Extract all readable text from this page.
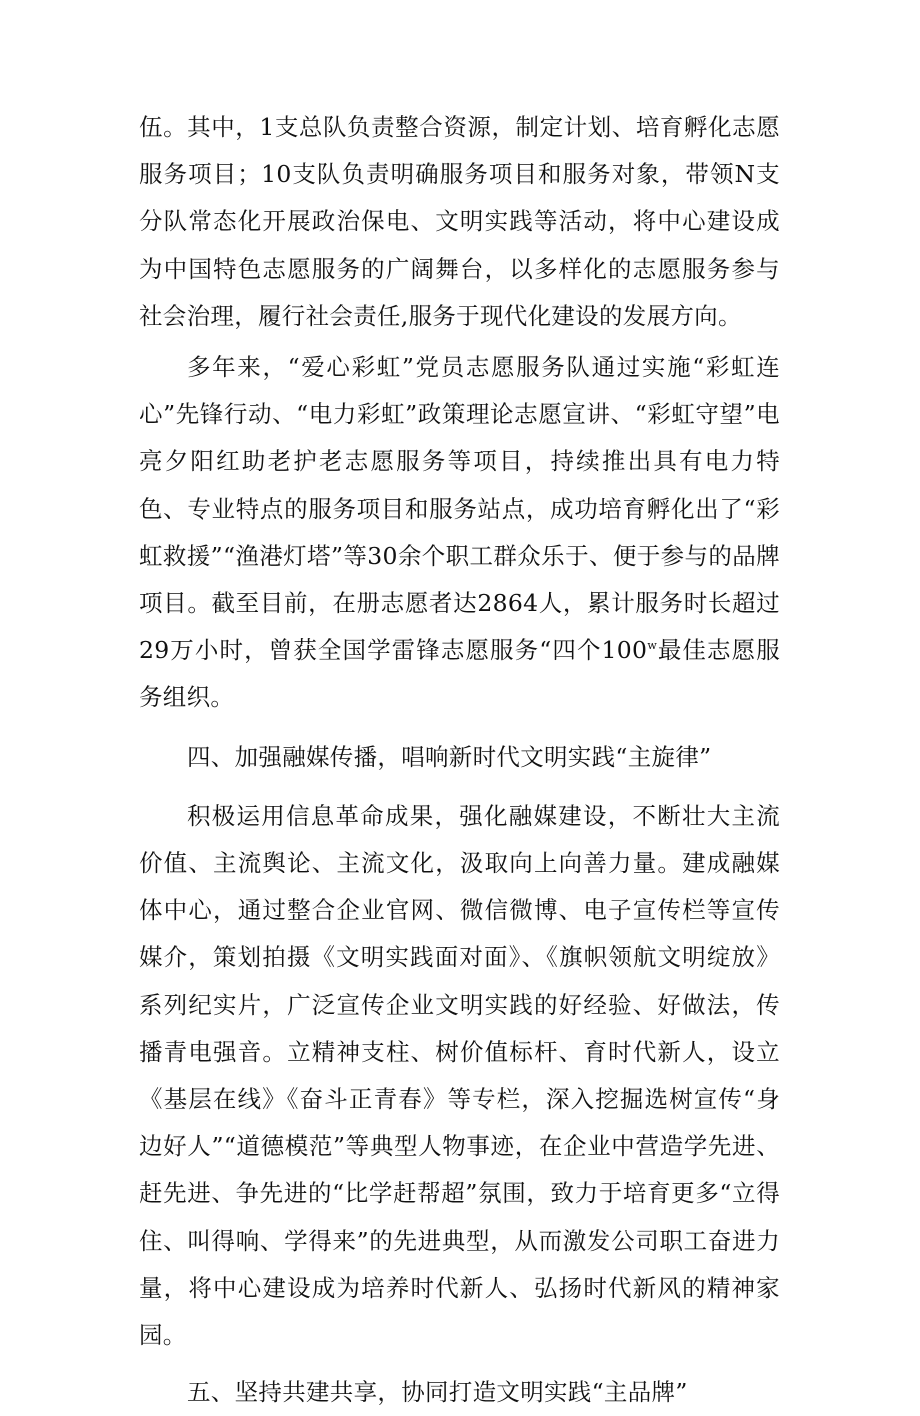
伍。其中，1支总队负责整合资源，制定计划、培育孵化志愿服务项目；10支队负责明确服务项目和服务对象，带领N支分队常态化开展政治保电、文明实践等活动，将中心建设成为中国特色志愿服务的广阔舞台，以多样化的志愿服务参与社会治理，履行社会责任,服务于现代化建设的发展方向。

多年来，“爱心彩虹”党员志愿服务队通过实施“彩虹连心”先锋行动、“电力彩虹”政策理论志愿宣讲、“彩虹守望”电亮夕阳红助老护老志愿服务等项目，持续推出具有电力特色、专业特点的服务项目和服务站点，成功培育孵化出了“彩虹救援”“渔港灯塔”等30余个职工群众乐于、便于参与的品牌项目。截至目前，在册志愿者达2864人，累计服务时长超过29万小时，曾获全国学雷锋志愿服务“四个100$^w$最佳志愿服务组织。

四、加强融媒传播，唱响新时代文明实践“主旋律”

积极运用信息革命成果，强化融媒建设，不断壮大主流价值、主流舆论、主流文化，汲取向上向善力量。建成融媒体中心，通过整合企业官网、微信微博、电子宣传栏等宣传媒介，策划拍摄《文明实践面对面》、《旗帜领航文明绽放》系列纪实片，广泛宣传企业文明实践的好经验、好做法，传播青电强音。立精神支柱、树价值标杆、育时代新人，设立《基层在线》《奋斗正青春》等专栏，深入挖掘选树宣传“身边好人”“道德模范”等典型人物事迹，在企业中营造学先进、赶先进、争先进的“比学赶帮超”氛围，致力于培育更多“立得住、叫得响、学得来”的先进典型，从而激发公司职工奋进力量，将中心建设成为培养时代新人、弘扬时代新风的精神家园。

五、坚持共建共享，协同打造文明实践“主品牌”
